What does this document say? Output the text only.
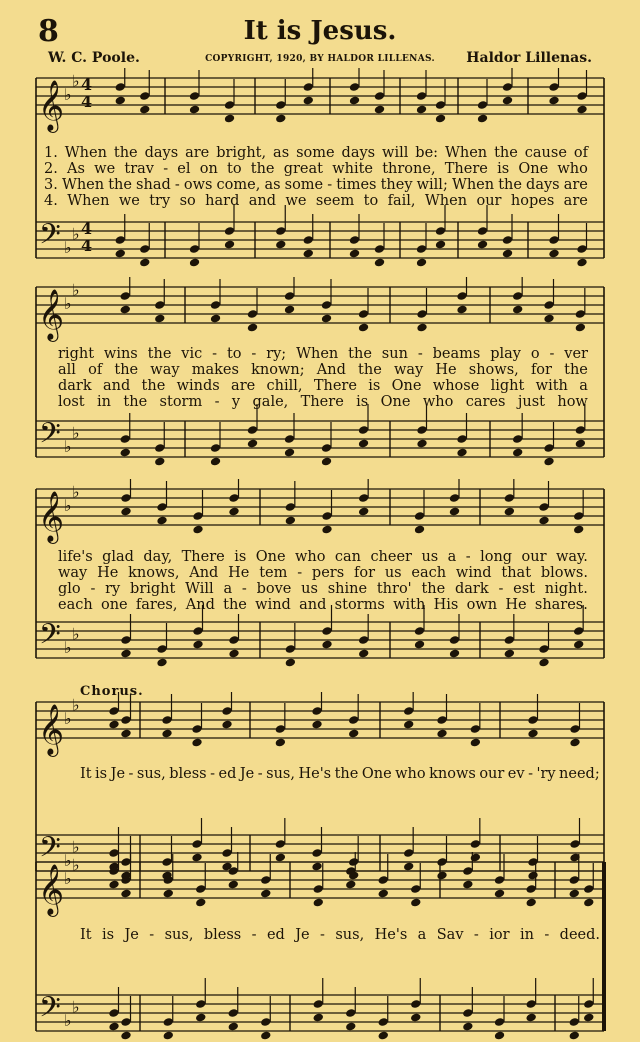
8	It is Jesus.
W. C. Poole.	COPYRIGHT, 1920, BY HALDOR LILLENAS.	Haldor Lillenas.
𝄞
𝄢
♭
♭
♭
♭
𝄞
𝄢
♭
♭
♭
♭
𝄞
𝄢
♭
♭
♭
♭
𝄞
𝄢
♭
♭
♭
♭
𝄞
𝄢
♭
♭
♭
♭
4
4
4
4
1. When the days are bright, as some days will be: When the cause of
2. As we trav - el on to the great white throne, There is One who
3. When the shad - ows come, as some - times they will; When the days are
4. When we try so hard and we seem to fail, When our hopes are
right wins the vic - to - ry; When the sun - beams play o - ver
all of the way makes known; And the way He shows, for the
dark and the winds are chill, There is One whose light with a
lost in the storm - y gale, There is One who cares just how
life's glad day, There is One who can cheer us a - long our way.
way He knows, And He tem - pers for us each wind that blows.
glo - ry bright Will a - bove us shine thro' the dark - est night.
each one fares, And the wind and storms with His own He shares.
Chorus.
It is Je - sus, bless - ed Je - sus, He's the One who knows our ev - 'ry need;
It is Je - sus, bless - ed Je - sus, He's a Sav - ior in - deed.
